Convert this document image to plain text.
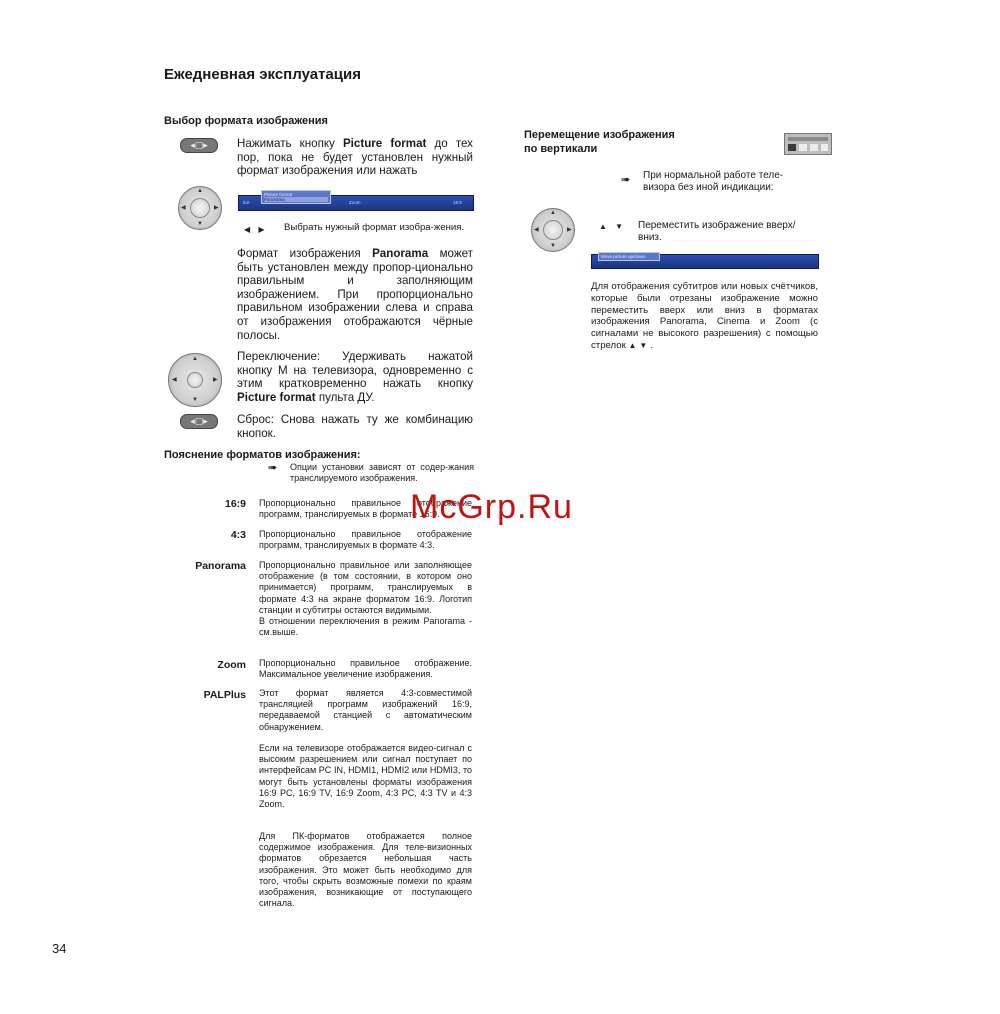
Ежедневная эксплуатация
Выбор формата изображения
◂▢▸	Нажимать кнопку Picture format до тех пор, пока не будет установлен нужный формат изображения или нажать
▲
▼
◀	▶
Ext
Picture format
Panorama
Zoom	16:9
◀ ▶ Выбрать нужный формат изобра-жения.
Формат изображения Panorama может быть установлен между пропор-ционально правильным и заполняющим изображением. При пропорционально правильном изображении слева и справа от изображения отображаются чёрные полосы.
▲
▼
◀	▶
◂▢▸
Переключение: Удерживать нажатой кнопку M на телевизора, одновременно с этим кратковременно нажать кнопку Picture format пульта ДУ.
Сброс: Снова нажать ту же комбинацию кнопок.
Пояснение форматов изображения:
➠ Опции установки зависят от содер-жания транслируемого изображения.
16:9 Пропорционально правильное отображение программ, транслируемых в формате 16:9.
4:3 Пропорционально правильное отображение программ, транслируемых в формате 4:3.
Panorama Пропорционально правильное или заполняющее отображение (в том состоянии, в котором оно принимается) программ, транслируемых в формате 4:3 на экране форматом 16:9. Логотип станции и субтитры остаются видимыми.
В отношении переключения в режим Panorama - см.выше.
Zoom Пропорционально правильное отображение. Максимальное увеличение изображения.
PALPlus Этот формат является 4:3-совместимой трансляцией программ изображений 16:9, передаваемой станцией с автоматическим обнаружением.
Если на телевизоре отображается видео-сигнал с высоким разрешением или сигнал поступает по интерфейсам PC IN, HDMI1, HDMI2 или HDMI3, то могут быть установлены форматы изображения 16:9 PC, 16:9 TV, 16:9 Zoom, 4:3 PC, 4:3 TV и 4:3 Zoom.
Для ПК-форматов отображается полное содержимое изображения. Для теле-визионных форматов обрезается небольшая часть изображения. Это может быть необходимо для того, чтобы скрыть возможные помехи по краям изображения, возникающие от поступающего сигнала.
Перемещение изображения
по вертикали
➠ При нормальной работе теле-визора без иной индикации:
▲
▼
◀	▶	▲ ▼ Переместить изображение вверх/вниз.
Move picture up/down
Для отображения субтитров или новых счётчиков, которые были отрезаны изображение можно переместить вверх или вниз в форматах изображения Panorama, Cinema и Zoom (с сигналами не высокого разрешения) с помощью стрелок ▲▼.
McGrp.Ru
34
